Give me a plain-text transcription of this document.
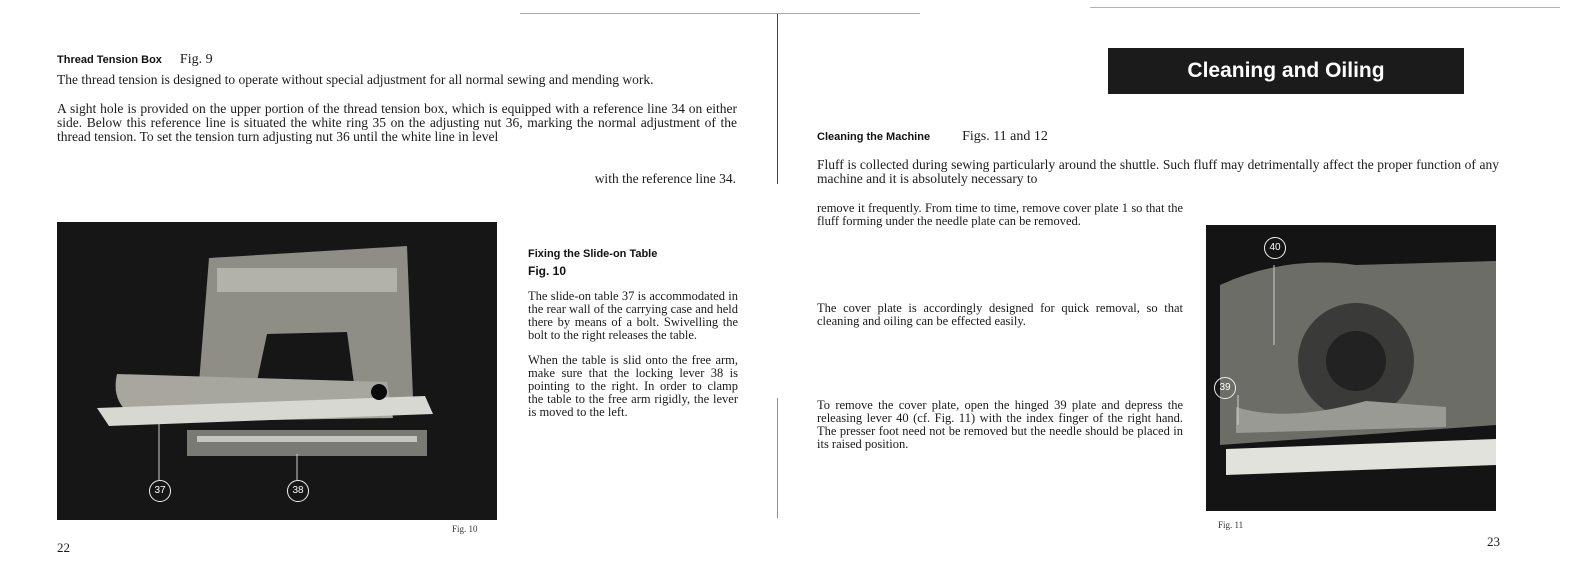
Thread Tension Box Fig. 9

The thread tension is designed to operate without special adjustment for all normal sewing and mending work.

A sight hole is provided on the upper portion of the thread tension box, which is equipped with a reference line 34 on either side. Below this reference line is situated the white ring 35 on the adjusting nut 36, marking the normal adjustment of the thread tension. To set the tension turn adjusting nut 36 until the white line in level

with the reference line 34.
37	38
Fig. 10
Fixing the Slide-on Table
Fig. 10

The slide-on table 37 is accommodated in the rear wall of the carrying case and held there by means of a bolt. Swivelling the bolt to the right releases the table.

When the table is slid onto the free arm, make sure that the locking lever 38 is pointing to the right. In order to clamp the table to the free arm rigidly, the lever is moved to the left.

22
Cleaning and Oiling
Cleaning the Machine Figs. 11 and 12

Fluff is collected during sewing particularly around the shuttle. Such fluff may detrimentally affect the proper function of any machine and it is absolutely necessary to

remove it frequently. From time to time, remove cover plate 1 so that the fluff forming under the needle plate can be removed.

The cover plate is accordingly designed for quick removal, so that cleaning and oiling can be effected easily.

To remove the cover plate, open the hinged 39 plate and depress the releasing lever 40 (cf. Fig. 11) with the index finger of the right hand. The presser foot need not be removed but the needle should be placed in its raised position.

40
39
Fig. 11
23
